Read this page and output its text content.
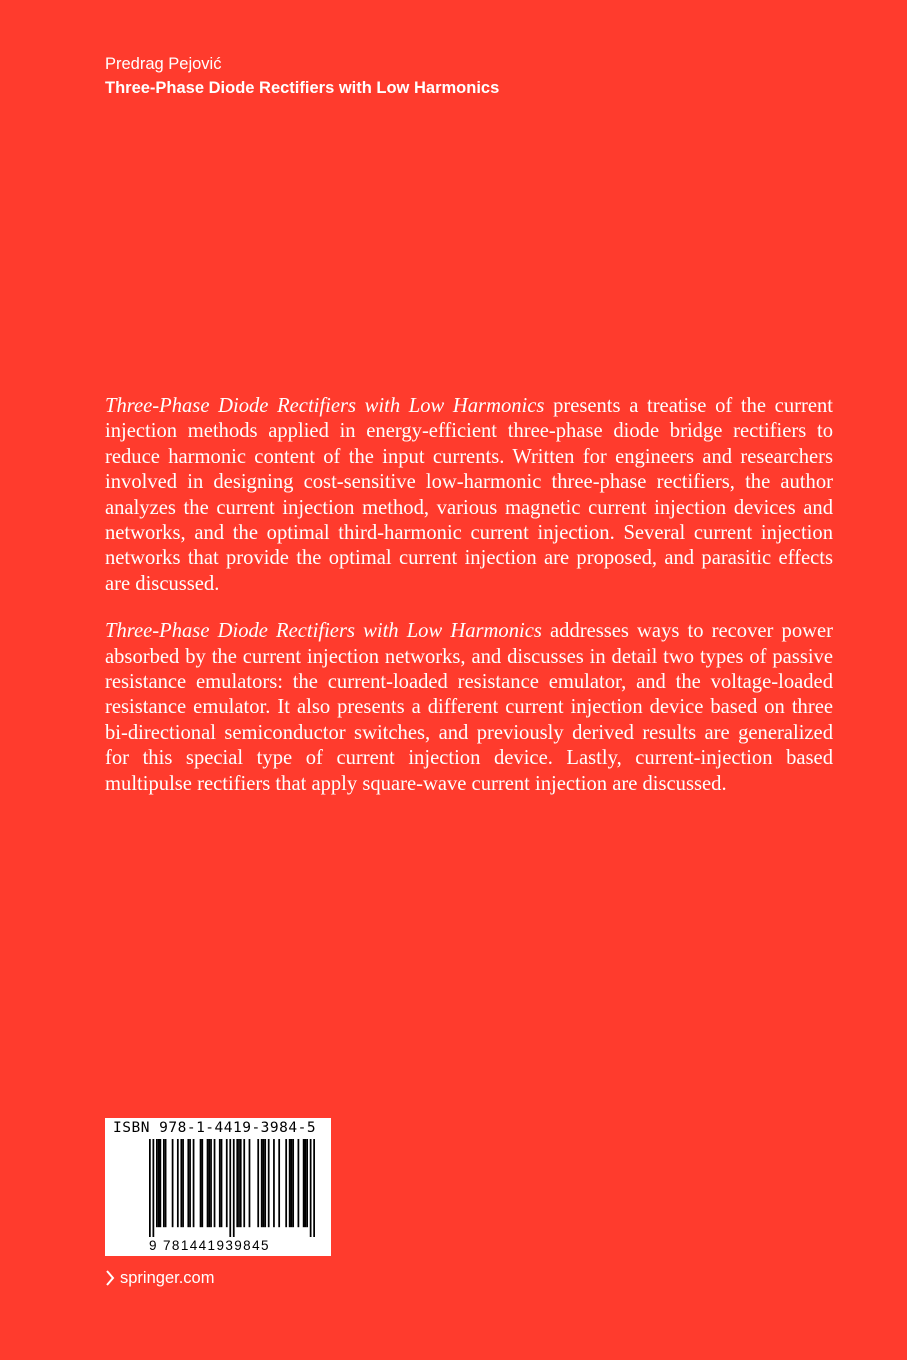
Predrag Pejović
Three-Phase Diode Rectifiers with Low Harmonics

Three-Phase Diode Rectifiers with Low Harmonics presents a treatise of the current injection methods applied in energy-efficient three-phase diode bridge rectifiers to reduce harmonic content of the input currents. Written for engineers and researchers involved in designing cost-sensitive low-harmonic three-phase rectifiers, the author analyzes the current injection method, various magnetic current injection devices and networks, and the optimal third-harmonic current injection. Several current injection networks that provide the optimal current injection are proposed, and parasitic effects are discussed.

Three-Phase Diode Rectifiers with Low Harmonics addresses ways to recover power absorbed by the current injection networks, and discusses in detail two types of passive resistance emulators: the current-loaded resistance emulator, and the voltage-loaded resistance emulator. It also presents a different current injection device based on three bi-directional semiconductor switches, and previously derived results are generalized for this special type of current injection device. Lastly, current-injection based multipulse rectifiers that apply square-wave current injection are discussed.

ISBN 978-1-4419-3984-5
9 781441939845
springer.com
